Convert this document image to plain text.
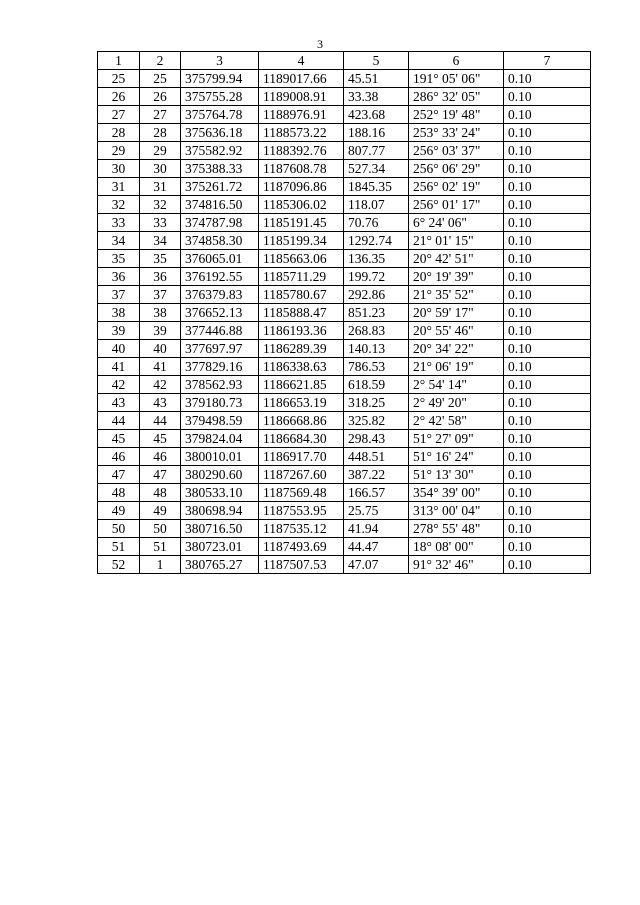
3
1	2	3	4	5	6	7
25	25	375799.94	1189017.66	45.51	191° 05' 06"	0.10
26	26	375755.28	1189008.91	33.38	286° 32' 05"	0.10
27	27	375764.78	1188976.91	423.68	252° 19' 48"	0.10
28	28	375636.18	1188573.22	188.16	253° 33' 24"	0.10
29	29	375582.92	1188392.76	807.77	256° 03' 37"	0.10
30	30	375388.33	1187608.78	527.34	256° 06' 29"	0.10
31	31	375261.72	1187096.86	1845.35	256° 02' 19"	0.10
32	32	374816.50	1185306.02	118.07	256° 01' 17"	0.10
33	33	374787.98	1185191.45	70.76	6° 24' 06"	0.10
34	34	374858.30	1185199.34	1292.74	21° 01' 15"	0.10
35	35	376065.01	1185663.06	136.35	20° 42' 51"	0.10
36	36	376192.55	1185711.29	199.72	20° 19' 39"	0.10
37	37	376379.83	1185780.67	292.86	21° 35' 52"	0.10
38	38	376652.13	1185888.47	851.23	20° 59' 17"	0.10
39	39	377446.88	1186193.36	268.83	20° 55' 46"	0.10
40	40	377697.97	1186289.39	140.13	20° 34' 22"	0.10
41	41	377829.16	1186338.63	786.53	21° 06' 19"	0.10
42	42	378562.93	1186621.85	618.59	2° 54' 14"	0.10
43	43	379180.73	1186653.19	318.25	2° 49' 20"	0.10
44	44	379498.59	1186668.86	325.82	2° 42' 58"	0.10
45	45	379824.04	1186684.30	298.43	51° 27' 09"	0.10
46	46	380010.01	1186917.70	448.51	51° 16' 24"	0.10
47	47	380290.60	1187267.60	387.22	51° 13' 30"	0.10
48	48	380533.10	1187569.48	166.57	354° 39' 00"	0.10
49	49	380698.94	1187553.95	25.75	313° 00' 04"	0.10
50	50	380716.50	1187535.12	41.94	278° 55' 48"	0.10
51	51	380723.01	1187493.69	44.47	18° 08' 00"	0.10
52	1	380765.27	1187507.53	47.07	91° 32' 46"	0.10
